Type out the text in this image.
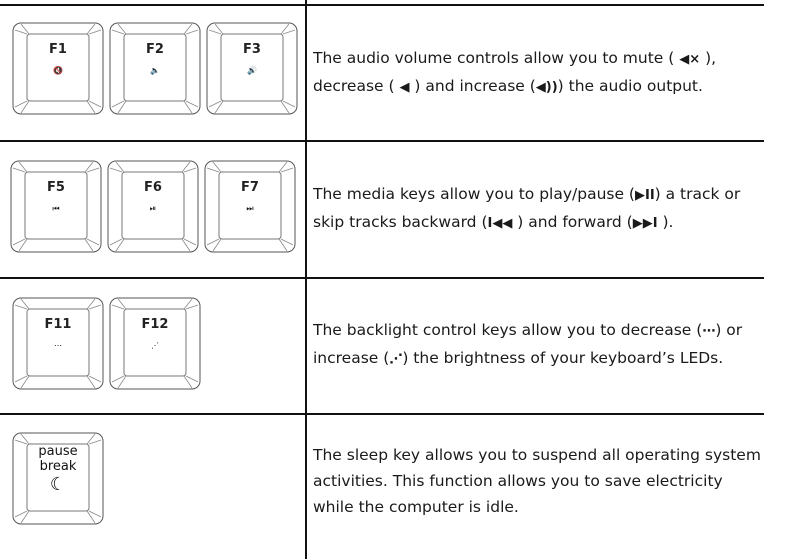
F1
🔇
F2
🔈
F3
🔊
The audio volume controls allow you to mute ( ◀× ),
decrease ( ◀ ) and increase (◀))) the audio output.
F5
⏮
F6
⏯
F7
⏭
The media keys allow you to play/pause (▶II) a track or
skip tracks backward (I◀◀ ) and forward (▶▶I ).
F11
⋯
F12
⋰
The backlight control keys allow you to decrease (⋯) or
increase (⋰) the brightness of your keyboard’s LEDs.
pause
break
☾
The sleep key allows you to suspend all operating system
activities. This function allows you to save electricity
while the computer is idle.
